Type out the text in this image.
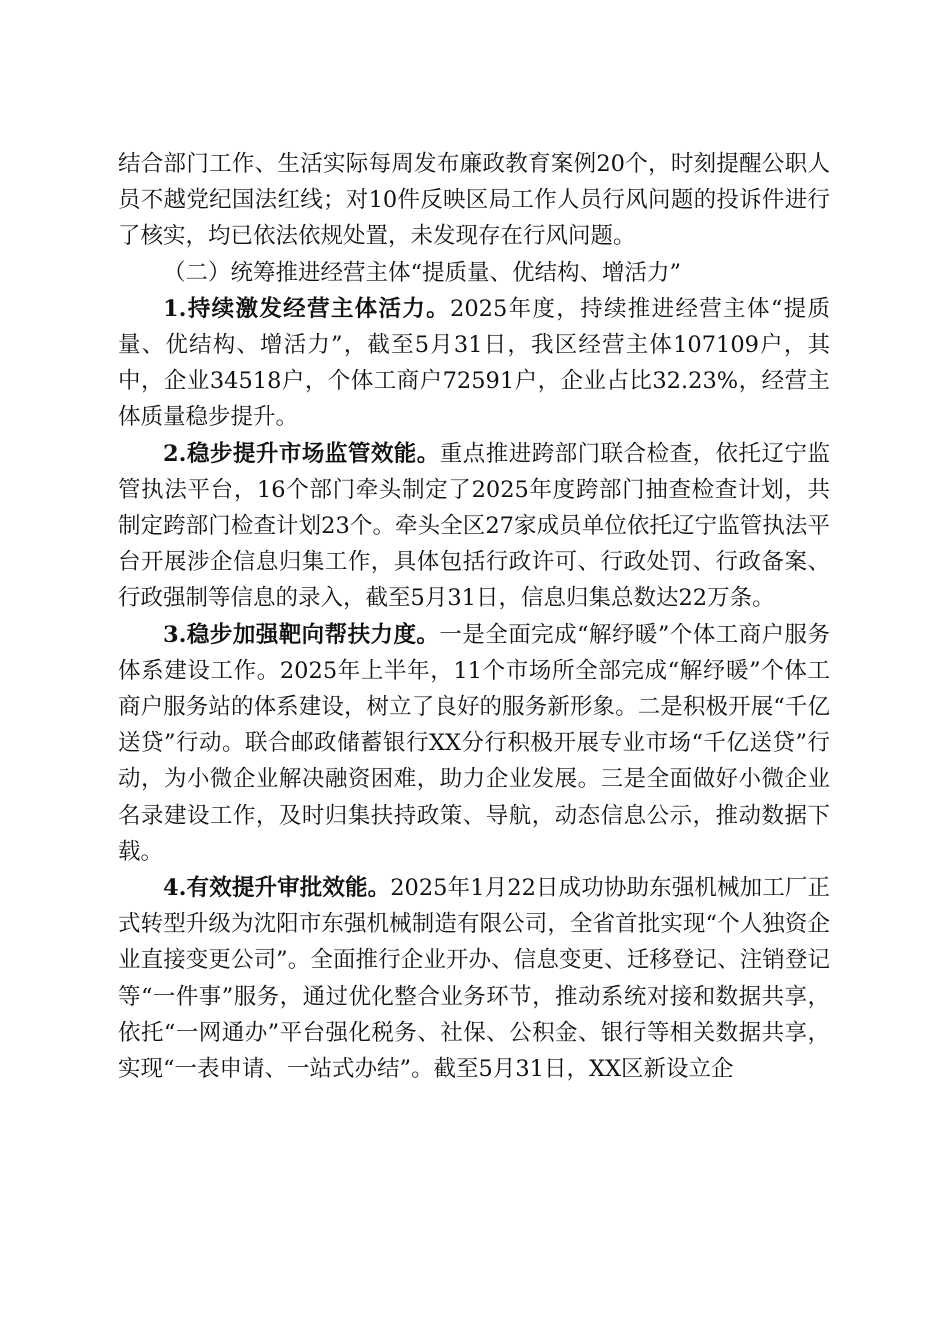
结合部门工作、生活实际每周发布廉政教育案例20个，时刻提醒公职人员不越党纪国法红线；对10件反映区局工作人员行风问题的投诉件进行了核实，均已依法依规处置，未发现存在行风问题。

（二）统筹推进经营主体“提质量、优结构、增活力”

1.持续激发经营主体活力。2025年度，持续推进经营主体“提质量、优结构、增活力”，截至5月31日，我区经营主体107109户，其中，企业34518户，个体工商户72591户，企业占比32.23%，经营主体质量稳步提升。

2.稳步提升市场监管效能。重点推进跨部门联合检查，依托辽宁监管执法平台，16个部门牵头制定了2025年度跨部门抽查检查计划，共制定跨部门检查计划23个。牵头全区27家成员单位依托辽宁监管执法平台开展涉企信息归集工作，具体包括行政许可、行政处罚、行政备案、行政强制等信息的录入，截至5月31日，信息归集总数达22万条。

3.稳步加强靶向帮扶力度。一是全面完成“解纾暖”个体工商户服务体系建设工作。2025年上半年，11个市场所全部完成“解纾暖”个体工商户服务站的体系建设，树立了良好的服务新形象。二是积极开展“千亿送贷”行动。联合邮政储蓄银行XX分行积极开展专业市场“千亿送贷”行动，为小微企业解决融资困难，助力企业发展。三是全面做好小微企业名录建设工作，及时归集扶持政策、导航，动态信息公示，推动数据下载。

4.有效提升审批效能。2025年1月22日成功协助东强机械加工厂正式转型升级为沈阳市东强机械制造有限公司，全省首批实现“个人独资企业直接变更公司”。全面推行企业开办、信息变更、迁移登记、注销登记等“一件事”服务，通过优化整合业务环节，推动系统对接和数据共享，依托“一网通办”平台强化税务、社保、公积金、银行等相关数据共享，实现“一表申请、一站式办结”。截至5月31日，XX区新设立企
